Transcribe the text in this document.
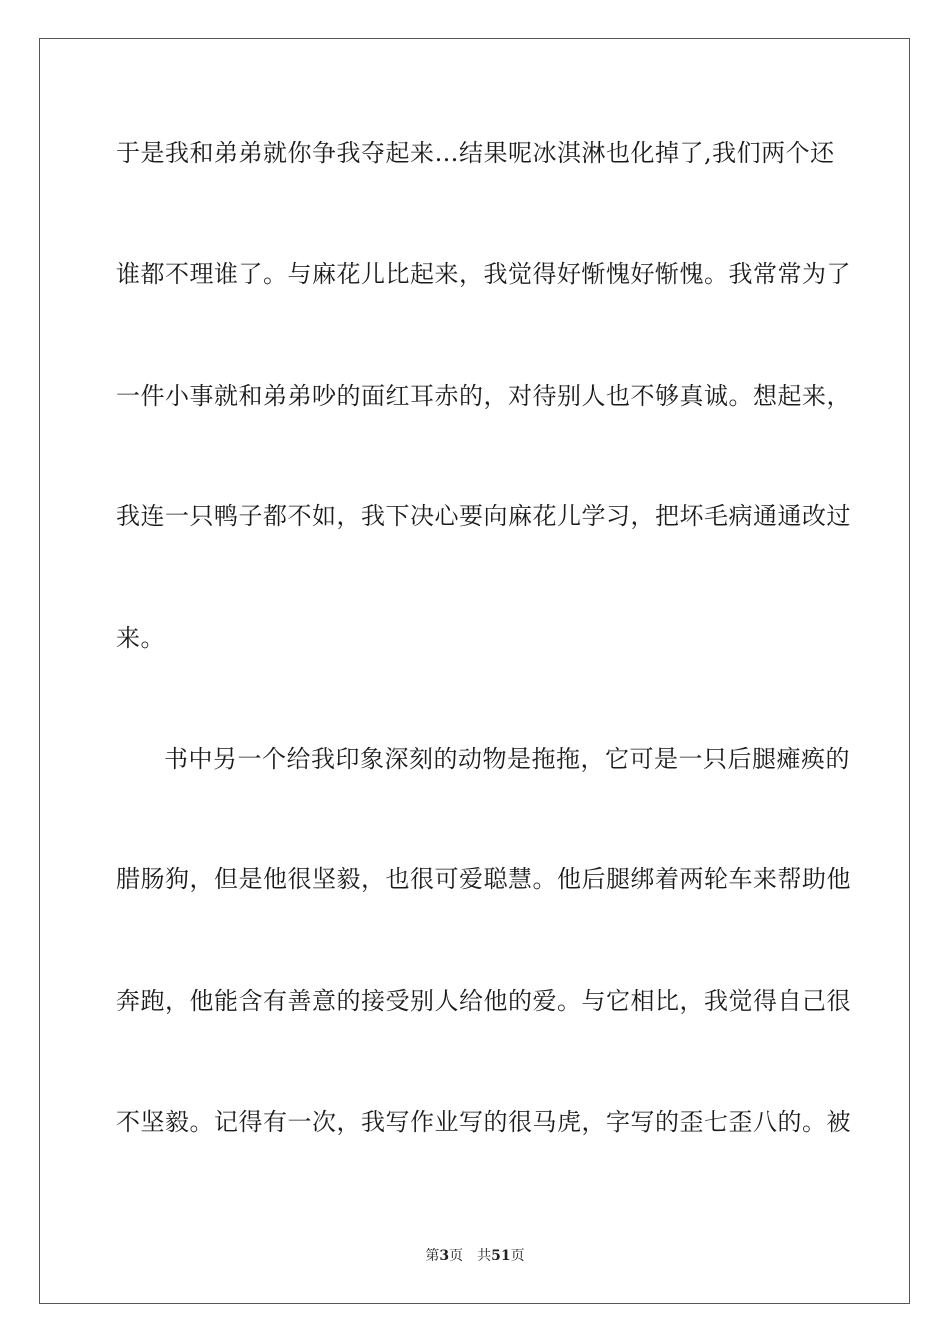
于是我和弟弟就你争我夺起来…结果呢冰淇淋也化掉了,我们两个还
谁都不理谁了。与麻花儿比起来，我觉得好惭愧好惭愧。我常常为了
一件小事就和弟弟吵的面红耳赤的，对待别人也不够真诚。想起来，
我连一只鸭子都不如，我下决心要向麻花儿学习，把坏毛病通通改过
来。
书中另一个给我印象深刻的动物是拖拖，它可是一只后腿瘫痪的
腊肠狗，但是他很坚毅，也很可爱聪慧。他后腿绑着两轮车来帮助他
奔跑，他能含有善意的接受别人给他的爱。与它相比，我觉得自己很
不坚毅。记得有一次，我写作业写的很马虎，字写的歪七歪八的。被
第3页 共51页
